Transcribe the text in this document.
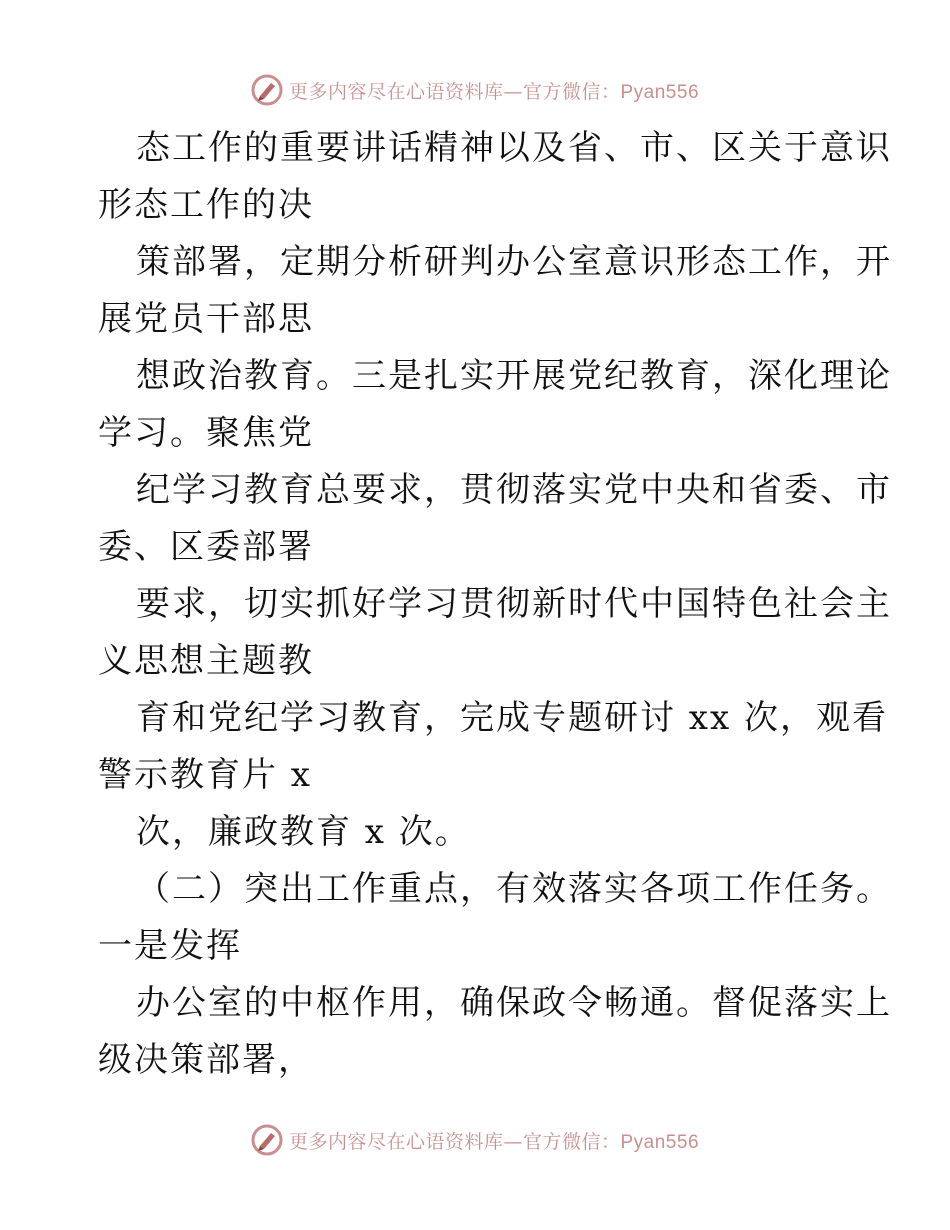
更多内容尽在心语资料库—官方微信：Pyan556
态工作的重要讲话精神以及省、市、区关于意识
形态工作的决
策部署，定期分析研判办公室意识形态工作，开
展党员干部思
想政治教育。三是扎实开展党纪教育，深化理论
学习。聚焦党
纪学习教育总要求，贯彻落实党中央和省委、市
委、区委部署
要求，切实抓好学习贯彻新时代中国特色社会主
义思想主题教
育和党纪学习教育，完成专题研讨 xx 次，观看
警示教育片 x
次，廉政教育 x 次。
（二）突出工作重点，有效落实各项工作任务。
一是发挥
办公室的中枢作用，确保政令畅通。督促落实上
级决策部署，
更多内容尽在心语资料库—官方微信：Pyan556
